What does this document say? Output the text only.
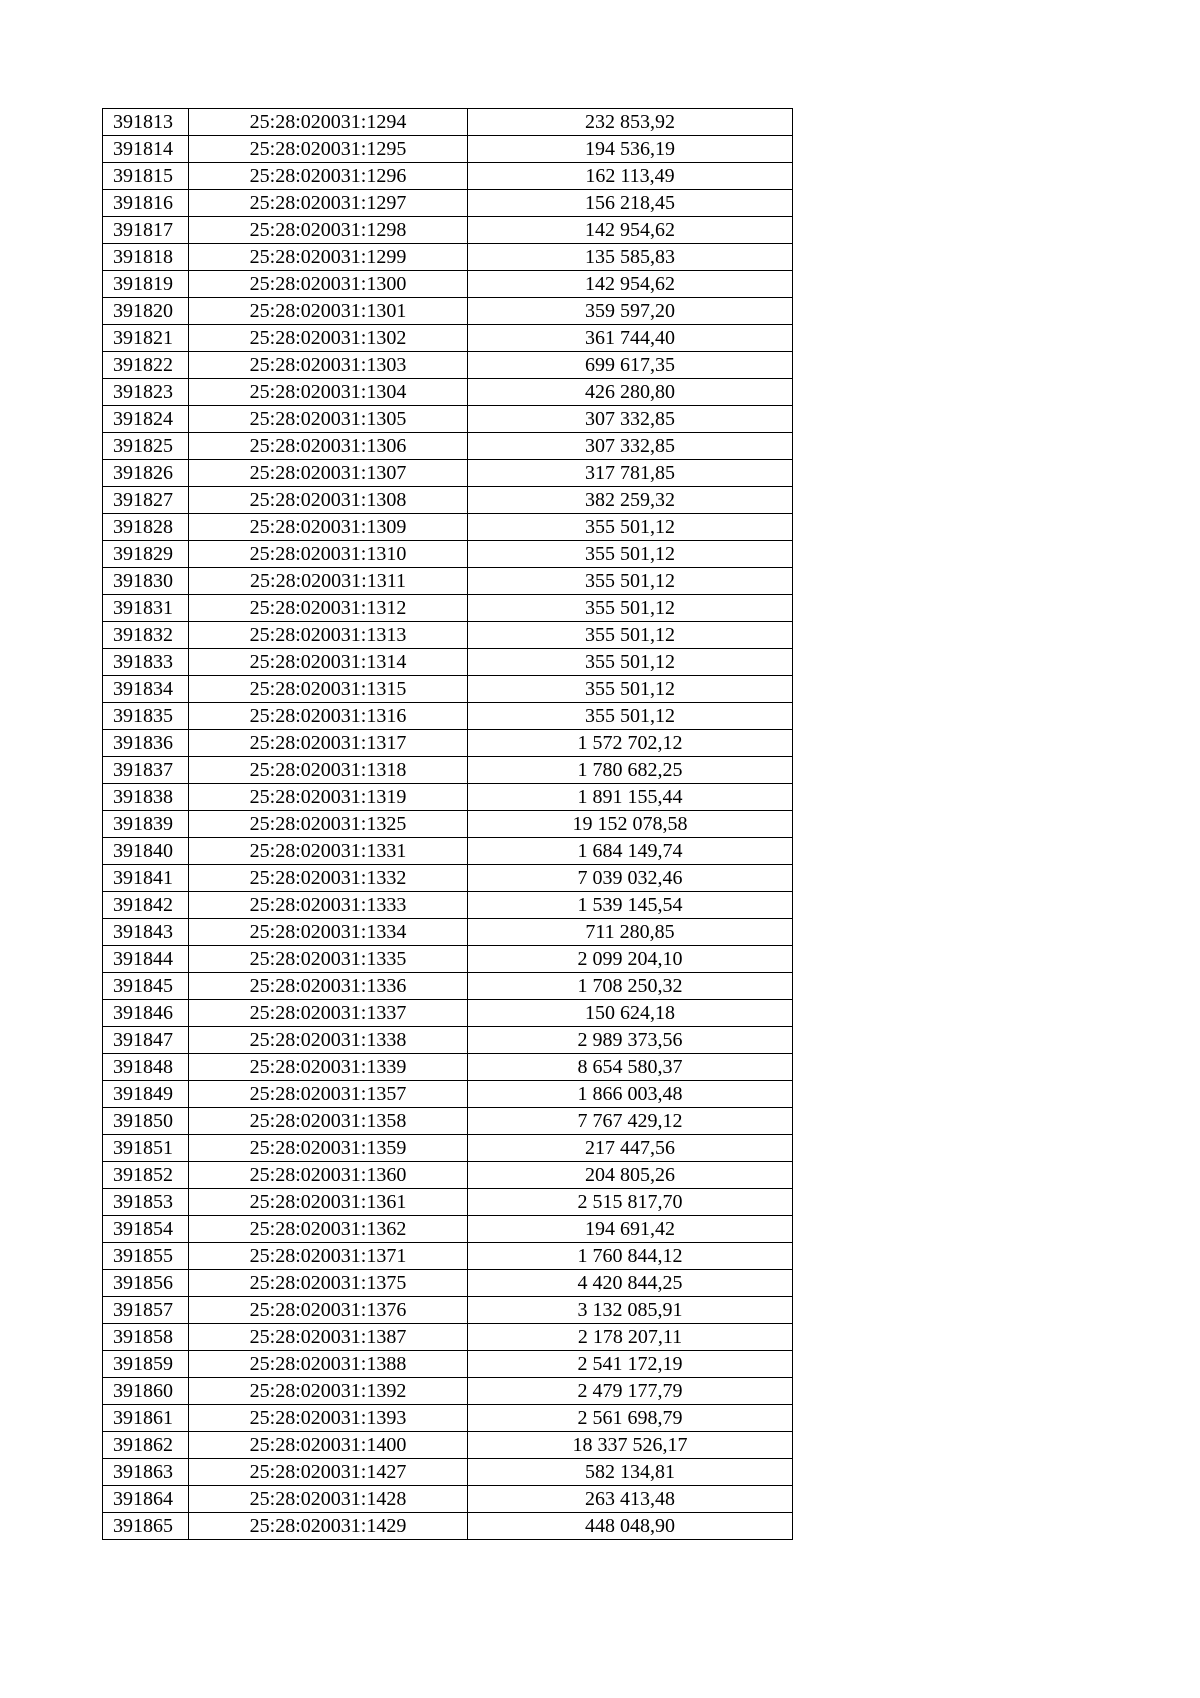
391813	25:28:020031:1294	232 853,92
391814	25:28:020031:1295	194 536,19
391815	25:28:020031:1296	162 113,49
391816	25:28:020031:1297	156 218,45
391817	25:28:020031:1298	142 954,62
391818	25:28:020031:1299	135 585,83
391819	25:28:020031:1300	142 954,62
391820	25:28:020031:1301	359 597,20
391821	25:28:020031:1302	361 744,40
391822	25:28:020031:1303	699 617,35
391823	25:28:020031:1304	426 280,80
391824	25:28:020031:1305	307 332,85
391825	25:28:020031:1306	307 332,85
391826	25:28:020031:1307	317 781,85
391827	25:28:020031:1308	382 259,32
391828	25:28:020031:1309	355 501,12
391829	25:28:020031:1310	355 501,12
391830	25:28:020031:1311	355 501,12
391831	25:28:020031:1312	355 501,12
391832	25:28:020031:1313	355 501,12
391833	25:28:020031:1314	355 501,12
391834	25:28:020031:1315	355 501,12
391835	25:28:020031:1316	355 501,12
391836	25:28:020031:1317	1 572 702,12
391837	25:28:020031:1318	1 780 682,25
391838	25:28:020031:1319	1 891 155,44
391839	25:28:020031:1325	19 152 078,58
391840	25:28:020031:1331	1 684 149,74
391841	25:28:020031:1332	7 039 032,46
391842	25:28:020031:1333	1 539 145,54
391843	25:28:020031:1334	711 280,85
391844	25:28:020031:1335	2 099 204,10
391845	25:28:020031:1336	1 708 250,32
391846	25:28:020031:1337	150 624,18
391847	25:28:020031:1338	2 989 373,56
391848	25:28:020031:1339	8 654 580,37
391849	25:28:020031:1357	1 866 003,48
391850	25:28:020031:1358	7 767 429,12
391851	25:28:020031:1359	217 447,56
391852	25:28:020031:1360	204 805,26
391853	25:28:020031:1361	2 515 817,70
391854	25:28:020031:1362	194 691,42
391855	25:28:020031:1371	1 760 844,12
391856	25:28:020031:1375	4 420 844,25
391857	25:28:020031:1376	3 132 085,91
391858	25:28:020031:1387	2 178 207,11
391859	25:28:020031:1388	2 541 172,19
391860	25:28:020031:1392	2 479 177,79
391861	25:28:020031:1393	2 561 698,79
391862	25:28:020031:1400	18 337 526,17
391863	25:28:020031:1427	582 134,81
391864	25:28:020031:1428	263 413,48
391865	25:28:020031:1429	448 048,90
